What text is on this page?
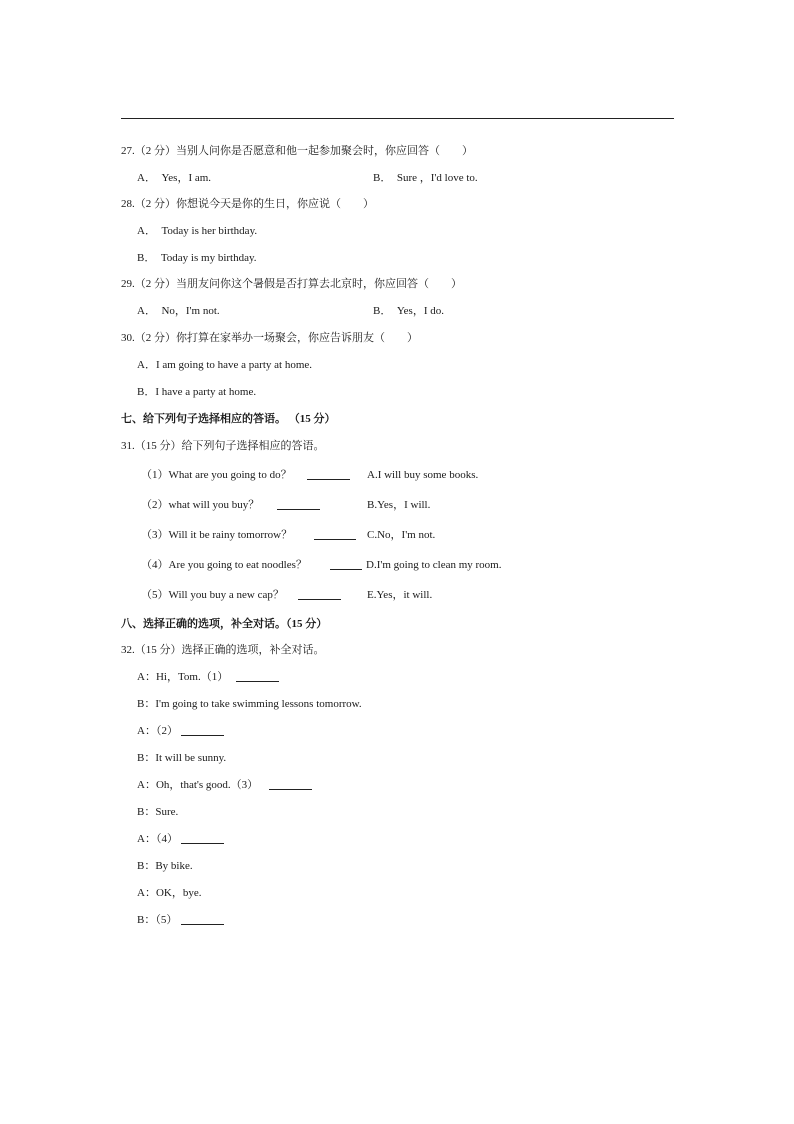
27.（2 分）当别人问你是否愿意和他一起参加聚会时，你应回答（　　）
A．　Yes，I am.	B．　Sure ，I'd love to.
28.（2 分）你想说今天是你的生日，你应说（　　）
A．　Today is her birthday.
B．　Today is my birthday.
29.（2 分）当朋友问你这个暑假是否打算去北京时，你应回答（　　）
A．　No，I'm not.	B．　Yes，I do.
30.（2 分）你打算在家举办一场聚会，你应告诉朋友（　　）
A．I am going to have a party at home.
B．I have a party at home.
七、给下列句子选择相应的答语。 （15 分）
31.（15 分）给下列句子选择相应的答语。
（1）What are you going to do？	A.I will buy some books.
（2）what will you buy？	B.Yes，I will.
（3）Will it be rainy tomorrow？	C.No，I'm not.
（4）Are you going to eat noodles？	D.I'm going to clean my room.
（5）Will you buy a new cap？	E.Yes，it will.
八、选择正确的选项，补全对话。（15 分）
32.（15 分）选择正确的选项，补全对话。
A：Hi，Tom.（1）
B：I'm going to take swimming lessons tomorrow.
A：（2）
B：It will be sunny.
A：Oh，that's good.（3）
B：Sure.
A：（4）
B：By bike.
A：OK，bye.
B：（5）
